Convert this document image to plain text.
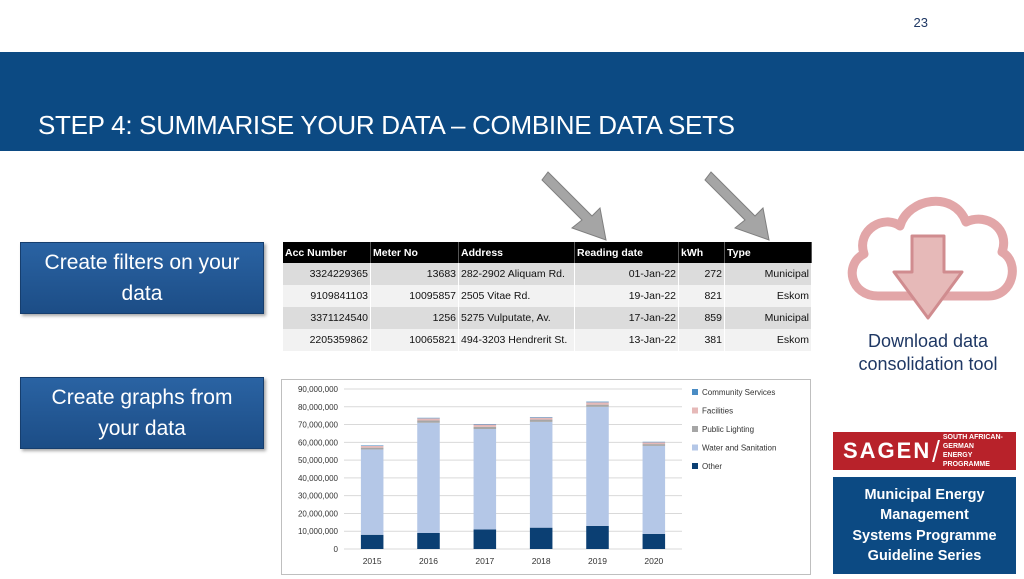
23
STEP 4: SUMMARISE YOUR DATA – COMBINE DATA SETS
Create filters on your
data
Create graphs from
your data
Acc Number	Meter No	Address	Reading date	kWh	Type
3324229365	13683	282-2902 Aliquam Rd.	01-Jan-22	272	Municipal
9109841103	10095857	2505 Vitae Rd.	19-Jan-22	821	Eskom
3371124540	1256	5275 Vulputate, Av.	17-Jan-22	859	Municipal
2205359862	10065821	494-3203 Hendrerit St.	13-Jan-22	381	Eskom	Download data
consolidation tool
90,000,000
80,000,000
70,000,000
60,000,000
50,000,000
40,000,000
30,000,000
20,000,000
10,000,000
0
2015	2016	2017	2018	2019	2020
Community Services
Facilities
Public Lighting
Water and Sanitation
Other
SAGEN
SOUTH AFRICAN-GERMAN
ENERGY PROGRAMME
Municipal Energy
Management
Systems Programme
Guideline Series
